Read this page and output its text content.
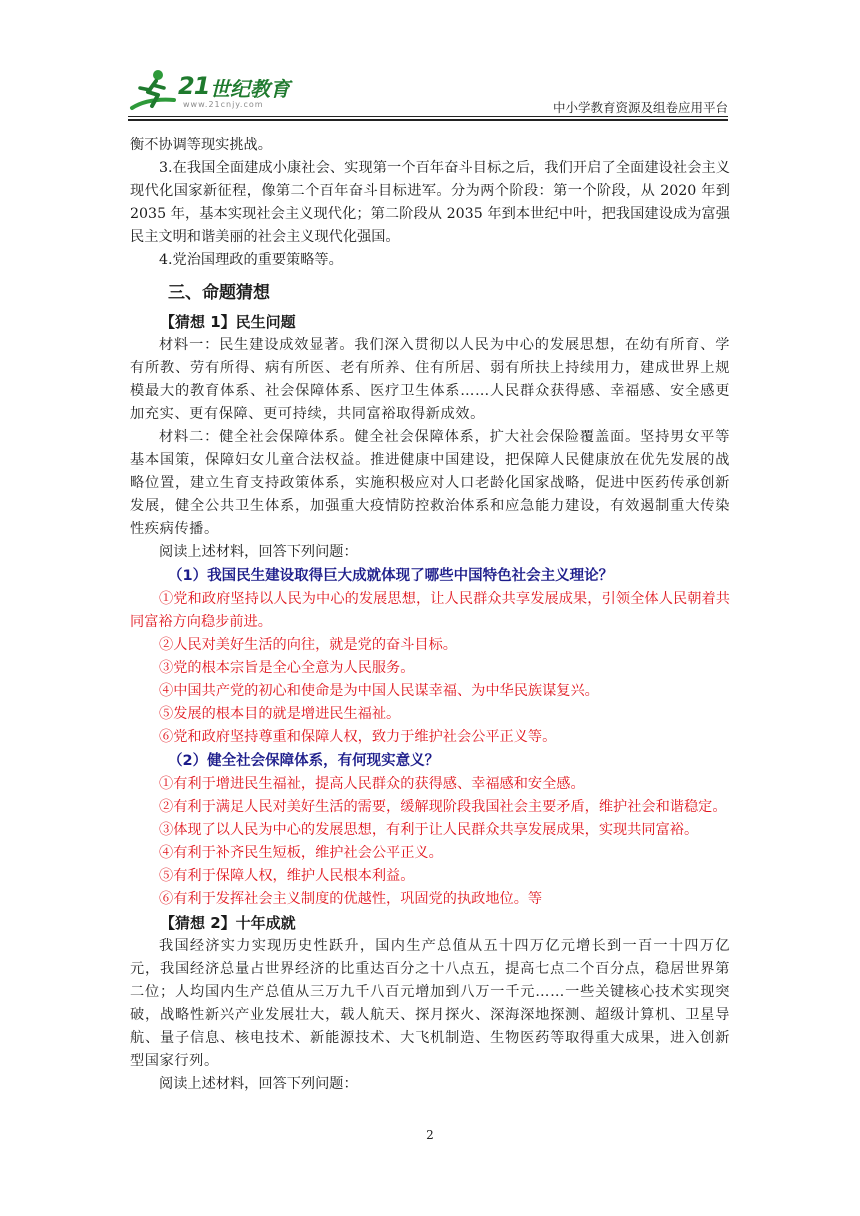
21 世纪教育
www.21cnjy.com	中小学教育资源及组卷应用平台

衡不协调等现实挑战。

3.在我国全面建成小康社会、实现第一个百年奋斗目标之后，我们开启了全面建设社会主义现代化国家新征程，像第二个百年奋斗目标进军。分为两个阶段：第一个阶段，从 2020 年到 2035 年，基本实现社会主义现代化；第二阶段从 2035 年到本世纪中叶，把我国建设成为富强民主文明和谐美丽的社会主义现代化强国。

4.党治国理政的重要策略等。

三、命题猜想
【猜想 1】民生问题

材料一：民生建设成效显著。我们深入贯彻以人民为中心的发展思想，在幼有所育、学有所教、劳有所得、病有所医、老有所养、住有所居、弱有所扶上持续用力，建成世界上规模最大的教育体系、社会保障体系、医疗卫生体系……人民群众获得感、幸福感、安全感更加充实、更有保障、更可持续，共同富裕取得新成效。

材料二：健全社会保障体系。健全社会保障体系，扩大社会保险覆盖面。坚持男女平等基本国策，保障妇女儿童合法权益。推进健康中国建设，把保障人民健康放在优先发展的战略位置，建立生育支持政策体系，实施积极应对人口老龄化国家战略，促进中医药传承创新发展，健全公共卫生体系，加强重大疫情防控救治体系和应急能力建设，有效遏制重大传染性疾病传播。

阅读上述材料，回答下列问题：

（1）我国民生建设取得巨大成就体现了哪些中国特色社会主义理论？

①党和政府坚持以人民为中心的发展思想，让人民群众共享发展成果，引领全体人民朝着共同富裕方向稳步前进。

②人民对美好生活的向往，就是党的奋斗目标。

③党的根本宗旨是全心全意为人民服务。

④中国共产党的初心和使命是为中国人民谋幸福、为中华民族谋复兴。

⑤发展的根本目的就是增进民生福祉。

⑥党和政府坚持尊重和保障人权，致力于维护社会公平正义等。

（2）健全社会保障体系，有何现实意义？

①有利于增进民生福祉，提高人民群众的获得感、幸福感和安全感。

②有利于满足人民对美好生活的需要，缓解现阶段我国社会主要矛盾，维护社会和谐稳定。

③体现了以人民为中心的发展思想，有利于让人民群众共享发展成果，实现共同富裕。

④有利于补齐民生短板，维护社会公平正义。

⑤有利于保障人权，维护人民根本利益。

⑥有利于发挥社会主义制度的优越性，巩固党的执政地位。等

【猜想 2】十年成就

我国经济实力实现历史性跃升，国内生产总值从五十四万亿元增长到一百一十四万亿元，我国经济总量占世界经济的比重达百分之十八点五，提高七点二个百分点，稳居世界第二位；人均国内生产总值从三万九千八百元增加到八万一千元……一些关键核心技术实现突破，战略性新兴产业发展壮大，载人航天、探月探火、深海深地探测、超级计算机、卫星导航、量子信息、核电技术、新能源技术、大飞机制造、生物医药等取得重大成果，进入创新型国家行列。

阅读上述材料，回答下列问题：

2
